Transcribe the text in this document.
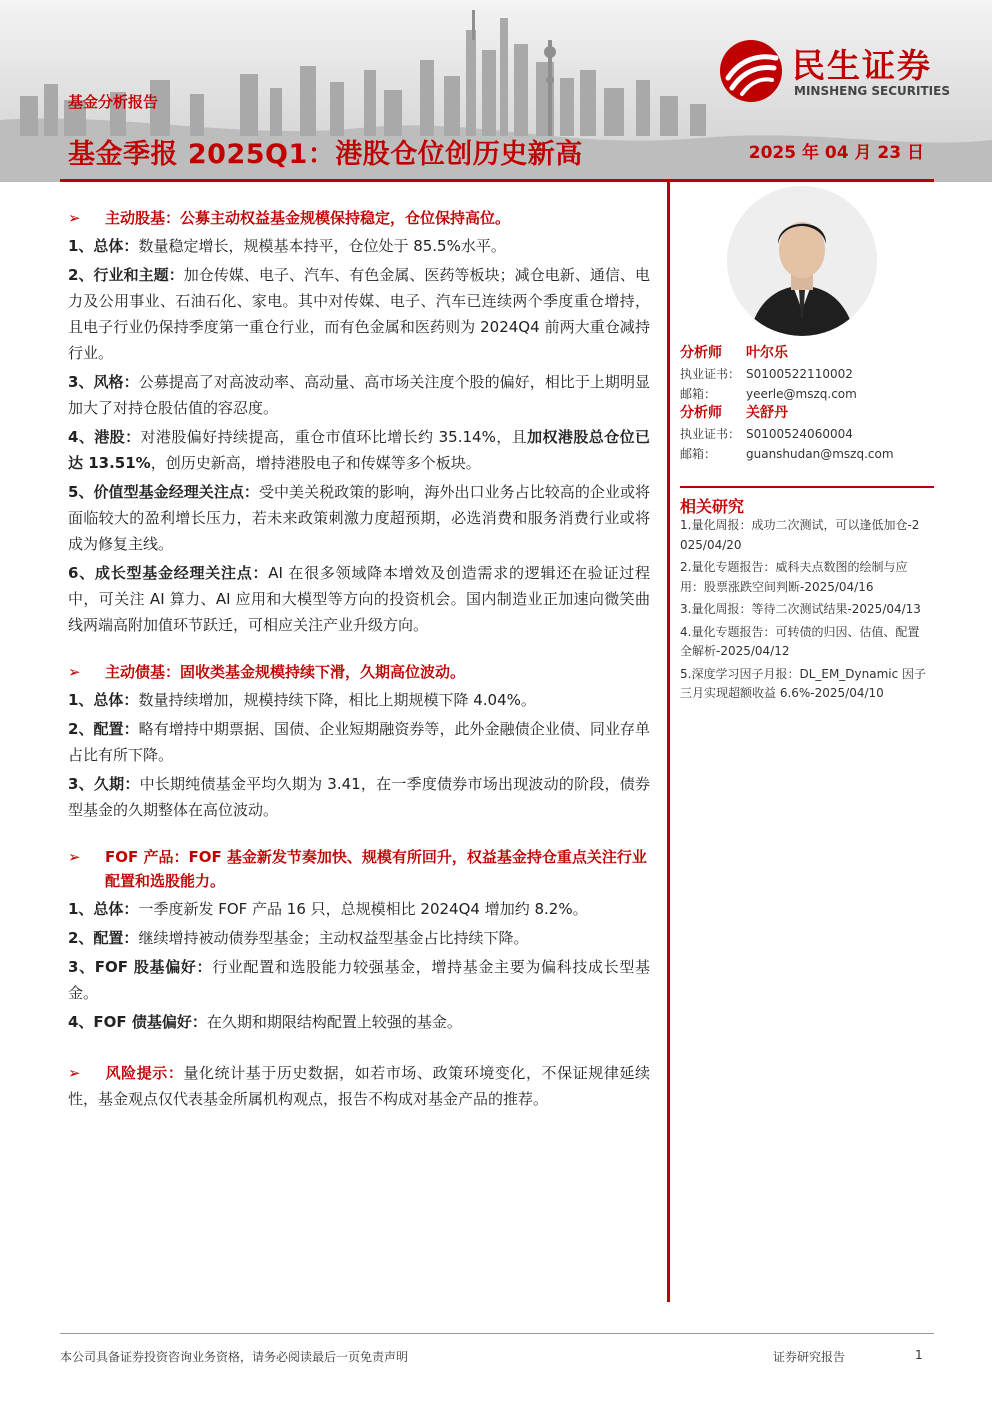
基金分析报告
基金季报 2025Q1：港股仓位创历史新高	2025 年 04 月 23 日
民生证券
MINSHENG SECURITIES
➢	主动股基：公募主动权益基金规模保持稳定，仓位保持高位。
1、总体：数量稳定增长，规模基本持平，仓位处于 85.5%水平。
2、行业和主题：加仓传媒、电子、汽车、有色金属、医药等板块；减仓电新、通信、电力及公用事业、石油石化、家电。其中对传媒、电子、汽车已连续两个季度重仓增持，且电子行业仍保持季度第一重仓行业，而有色金属和医药则为 2024Q4 前两大重仓减持行业。
3、风格：公募提高了对高波动率、高动量、高市场关注度个股的偏好，相比于上期明显加大了对持仓股估值的容忍度。
4、港股：对港股偏好持续提高，重仓市值环比增长约 35.14%，且加权港股总仓位已达 13.51%，创历史新高，增持港股电子和传媒等多个板块。
5、价值型基金经理关注点：受中美关税政策的影响，海外出口业务占比较高的企业或将面临较大的盈利增长压力，若未来政策刺激力度超预期，必选消费和服务消费行业或将成为修复主线。
6、成长型基金经理关注点：AI 在很多领域降本增效及创造需求的逻辑还在验证过程中，可关注 AI 算力、AI 应用和大模型等方向的投资机会。国内制造业正加速向微笑曲线两端高附加值环节跃迁，可相应关注产业升级方向。
➢	主动债基：固收类基金规模持续下滑，久期高位波动。
1、总体：数量持续增加，规模持续下降，相比上期规模下降 4.04%。
2、配置：略有增持中期票据、国债、企业短期融资券等，此外金融债企业债、同业存单占比有所下降。
3、久期：中长期纯债基金平均久期为 3.41，在一季度债券市场出现波动的阶段，债券型基金的久期整体在高位波动。
➢	FOF 产品：FOF 基金新发节奏加快、规模有所回升，权益基金持仓重点关注行业配置和选股能力。
1、总体：一季度新发 FOF 产品 16 只，总规模相比 2024Q4 增加约 8.2%。
2、配置：继续增持被动债券型基金；主动权益型基金占比持续下降。
3、FOF 股基偏好：行业配置和选股能力较强基金，增持基金主要为偏科技成长型基金。
4、FOF 债基偏好：在久期和期限结构配置上较强的基金。
➢ 风险提示：量化统计基于历史数据，如若市场、政策环境变化，不保证规律延续性，基金观点仅代表基金所属机构观点，报告不构成对基金产品的推荐。
分析师 叶尔乐
执业证书： S0100522110002
邮箱： yeerle@mszq.com
分析师 关舒丹
执业证书： S0100524060004
邮箱： guanshudan@mszq.com
相关研究
1.量化周报：成功二次测试，可以逢低加仓-2
025/04/20
2.量化专题报告：威科夫点数图的绘制与应
用：股票涨跌空间判断-2025/04/16
3.量化周报：等待二次测试结果-2025/04/13
4.量化专题报告：可转债的归因、估值、配置
全解析-2025/04/12
5.深度学习因子月报：DL_EM_Dynamic 因子
三月实现超额收益 6.6%-2025/04/10
本公司具备证券投资咨询业务资格，请务必阅读最后一页免责声明	证券研究报告	1
